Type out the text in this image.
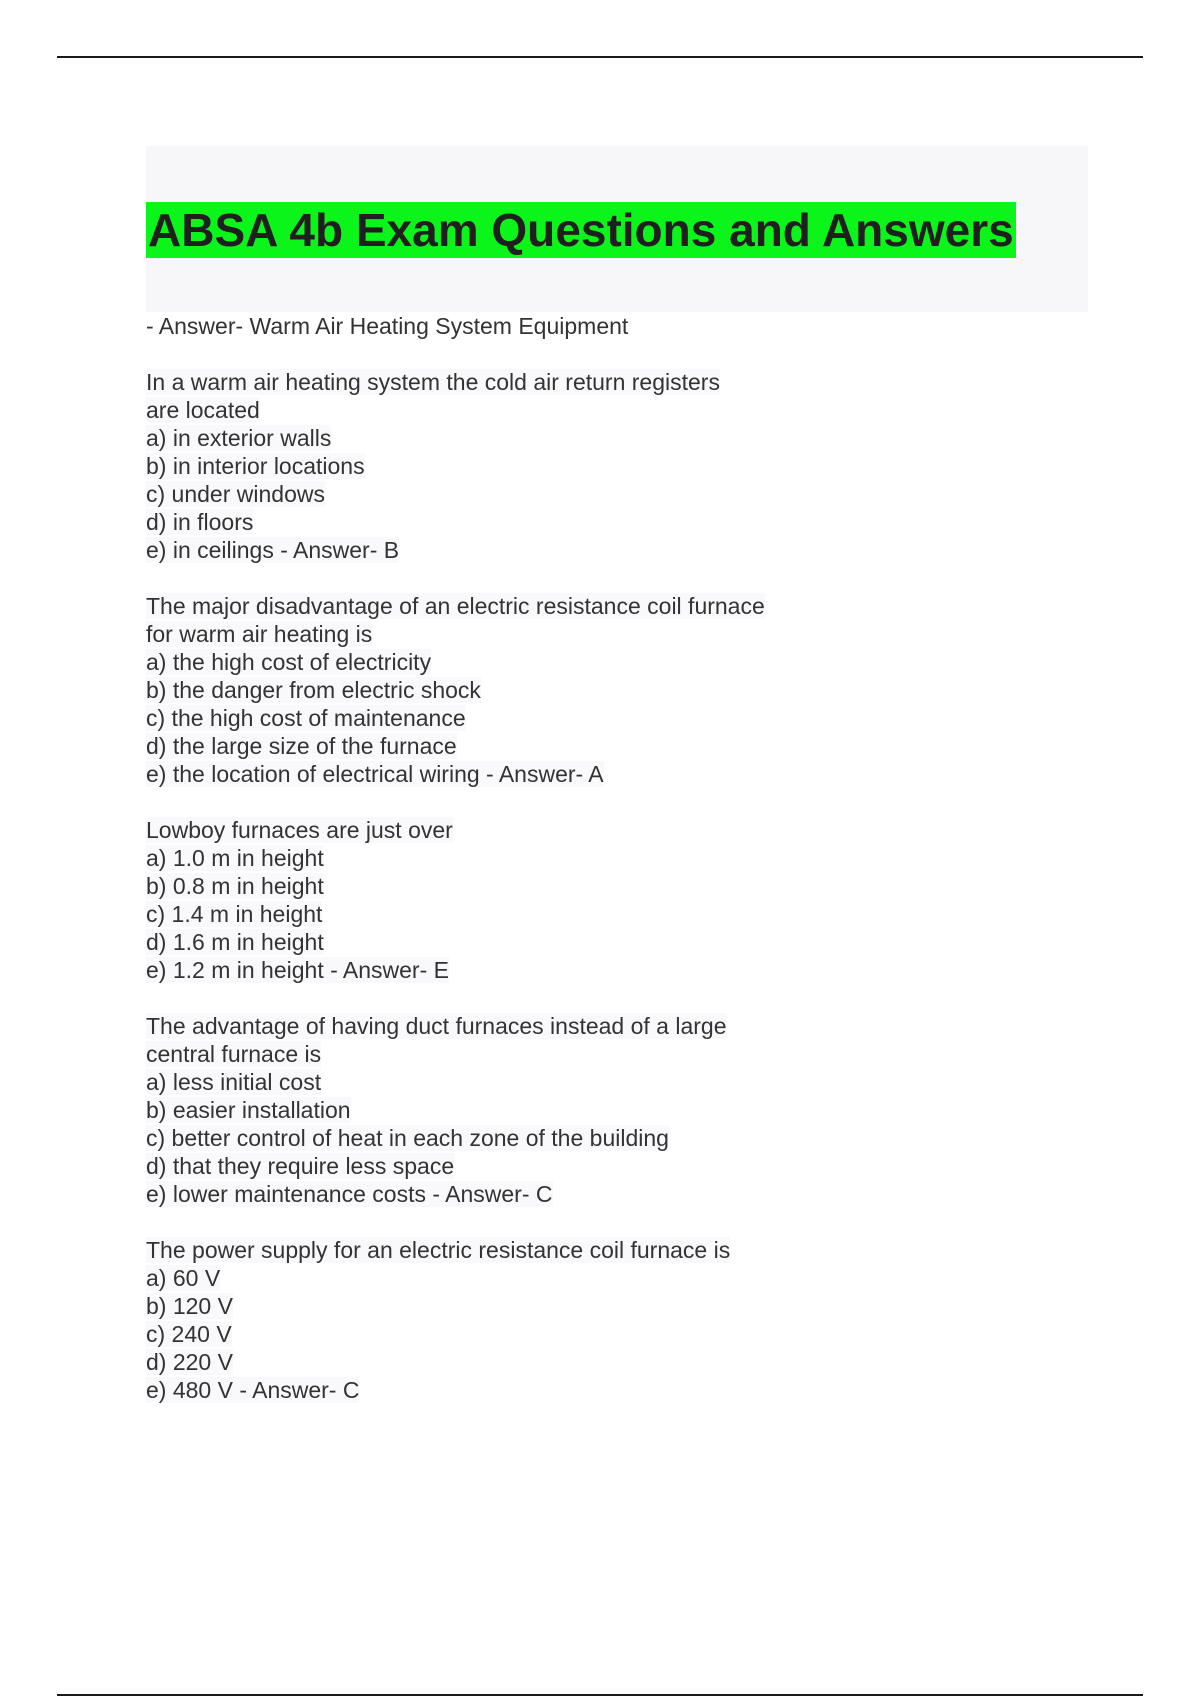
ABSA 4b Exam Questions and Answers

- Answer- Warm Air Heating System Equipment

In a warm air heating system the cold air return registers
are located
a) in exterior walls
b) in interior locations
c) under windows
d) in floors
e) in ceilings - Answer- B
The major disadvantage of an electric resistance coil furnace
for warm air heating is
a) the high cost of electricity
b) the danger from electric shock
c) the high cost of maintenance
d) the large size of the furnace
e) the location of electrical wiring - Answer- A
Lowboy furnaces are just over
a) 1.0 m in height
b) 0.8 m in height
c) 1.4 m in height
d) 1.6 m in height
e) 1.2 m in height - Answer- E
The advantage of having duct furnaces instead of a large
central furnace is
a) less initial cost
b) easier installation
c) better control of heat in each zone of the building
d) that they require less space
e) lower maintenance costs - Answer- C
The power supply for an electric resistance coil furnace is
a) 60 V
b) 120 V
c) 240 V
d) 220 V
e) 480 V - Answer- C
